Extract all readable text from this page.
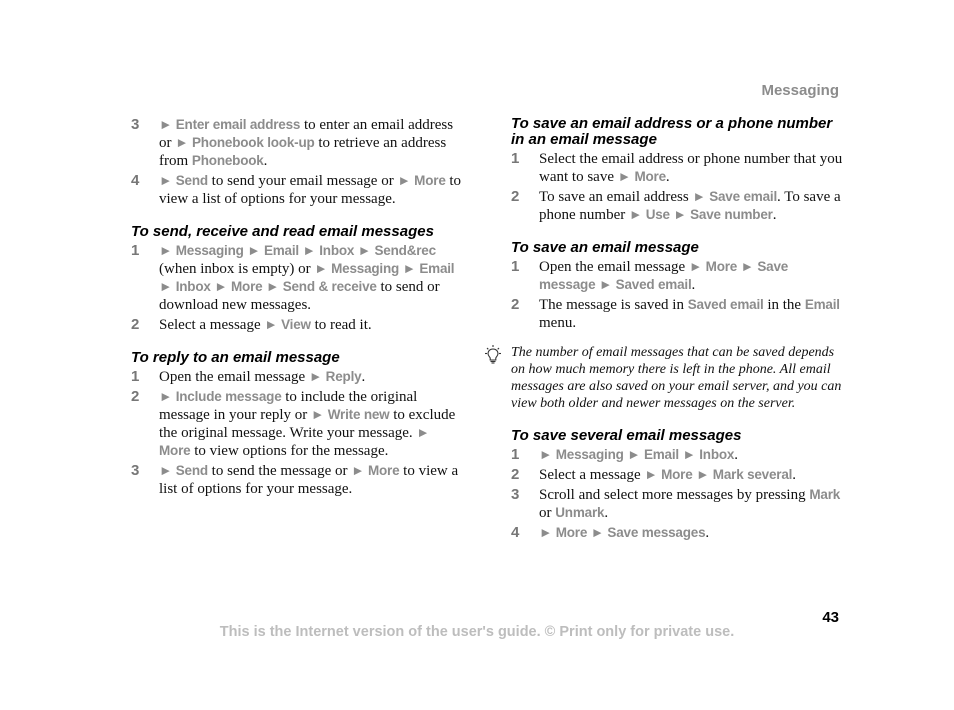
Messaging
3 ► Enter email address to enter an email address or ► Phonebook look-up to retrieve an address from Phonebook.
4 ► Send to send your email message or ► More to view a list of options for your message.
To send, receive and read email messages
1 ► Messaging ► Email ► Inbox ► Send&rec (when inbox is empty) or ► Messaging ► Email ► Inbox ► More ► Send & receive to send or download new messages.
2 Select a message ► View to read it.
To reply to an email message
1 Open the email message ► Reply.
2 ► Include message to include the original message in your reply or ► Write new to exclude the original message. Write your message. ► More to view options for the message.
3 ► Send to send the message or ► More to view a list of options for your message.
To save an email address or a phone number in an email message
1 Select the email address or phone number that you want to save ► More.
2 To save an email address ► Save email. To save a phone number ► Use ► Save number.
To save an email message
1 Open the email message ► More ► Save message ► Saved email.
2 The message is saved in Saved email in the Email menu.
The number of email messages that can be saved depends on how much memory there is left in the phone. All email messages are also saved on your email server, and you can view both older and newer messages on the server.
To save several email messages
1 ► Messaging ► Email ► Inbox.
2 Select a message ► More ► Mark several.
3 Scroll and select more messages by pressing Mark or Unmark.
4 ► More ► Save messages.
43
This is the Internet version of the user's guide. © Print only for private use.
